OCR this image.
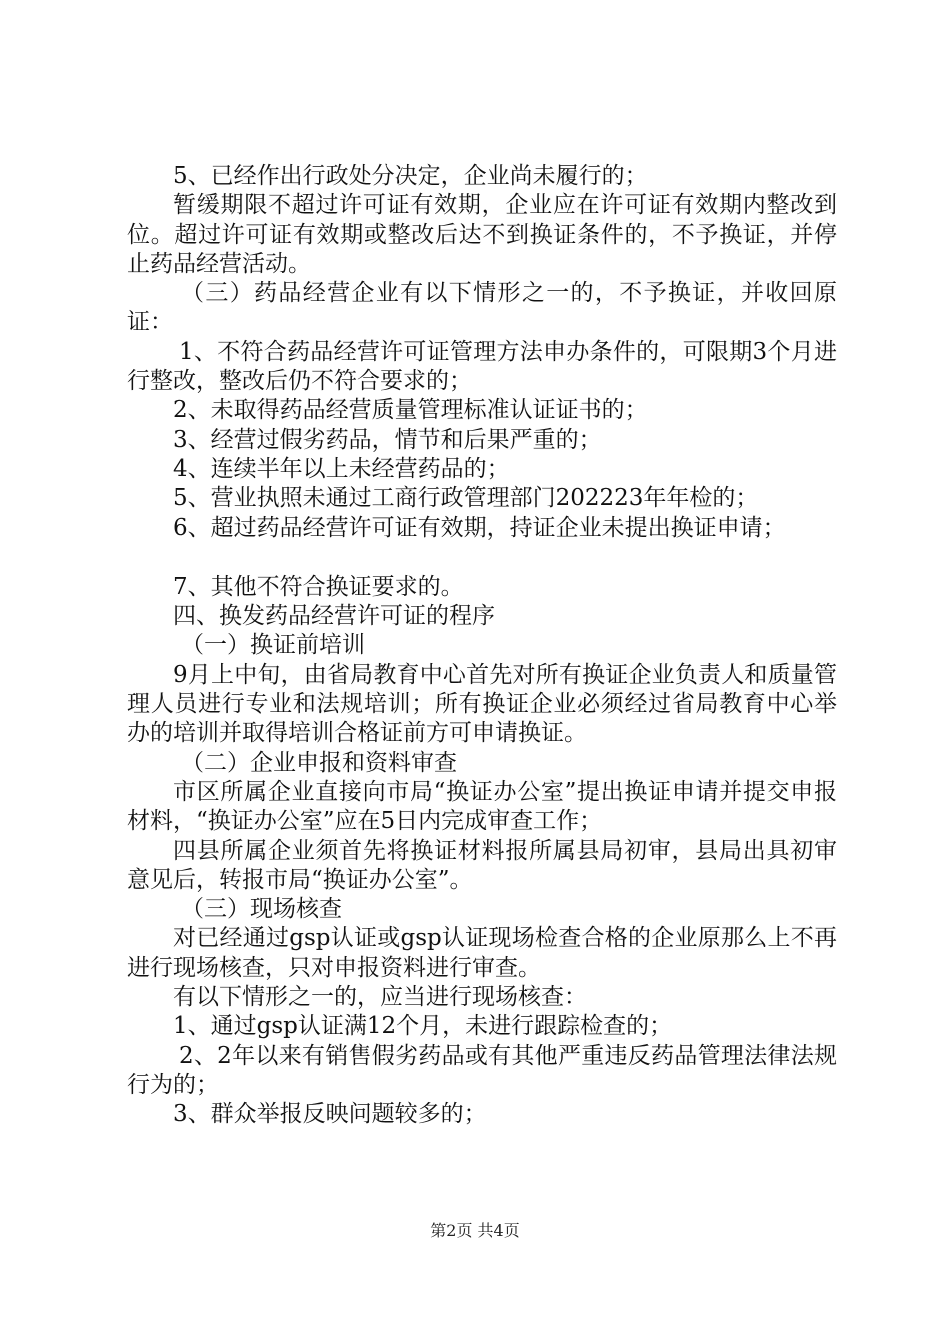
5、已经作出行政处分决定，企业尚未履行的；

暂缓期限不超过许可证有效期，企业应在许可证有效期内整改到位。超过许可证有效期或整改后达不到换证条件的，不予换证，并停止药品经营活动。

（三）药品经营企业有以下情形之一的，不予换证，并收回原证：

1、不符合药品经营许可证管理方法申办条件的，可限期3个月进行整改，整改后仍不符合要求的；

2、未取得药品经营质量管理标准认证证书的；

3、经营过假劣药品，情节和后果严重的；

4、连续半年以上未经营药品的；

5、营业执照未通过工商行政管理部门202223年年检的；

6、超过药品经营许可证有效期，持证企业未提出换证申请；

7、其他不符合换证要求的。

四、换发药品经营许可证的程序

（一）换证前培训

9月上中旬，由省局教育中心首先对所有换证企业负责人和质量管理人员进行专业和法规培训；所有换证企业必须经过省局教育中心举办的培训并取得培训合格证前方可申请换证。

（二）企业申报和资料审查

市区所属企业直接向市局“换证办公室”提出换证申请并提交申报材料，“换证办公室”应在5日内完成审查工作；

四县所属企业须首先将换证材料报所属县局初审，县局出具初审意见后，转报市局“换证办公室”。

（三）现场核查

对已经通过gsp认证或gsp认证现场检查合格的企业原那么上不再进行现场核查，只对申报资料进行审查。

有以下情形之一的，应当进行现场核查：

1、通过gsp认证满12个月，未进行跟踪检查的；

2、2年以来有销售假劣药品或有其他严重违反药品管理法律法规行为的；

3、群众举报反映问题较多的；

第2页 共4页
